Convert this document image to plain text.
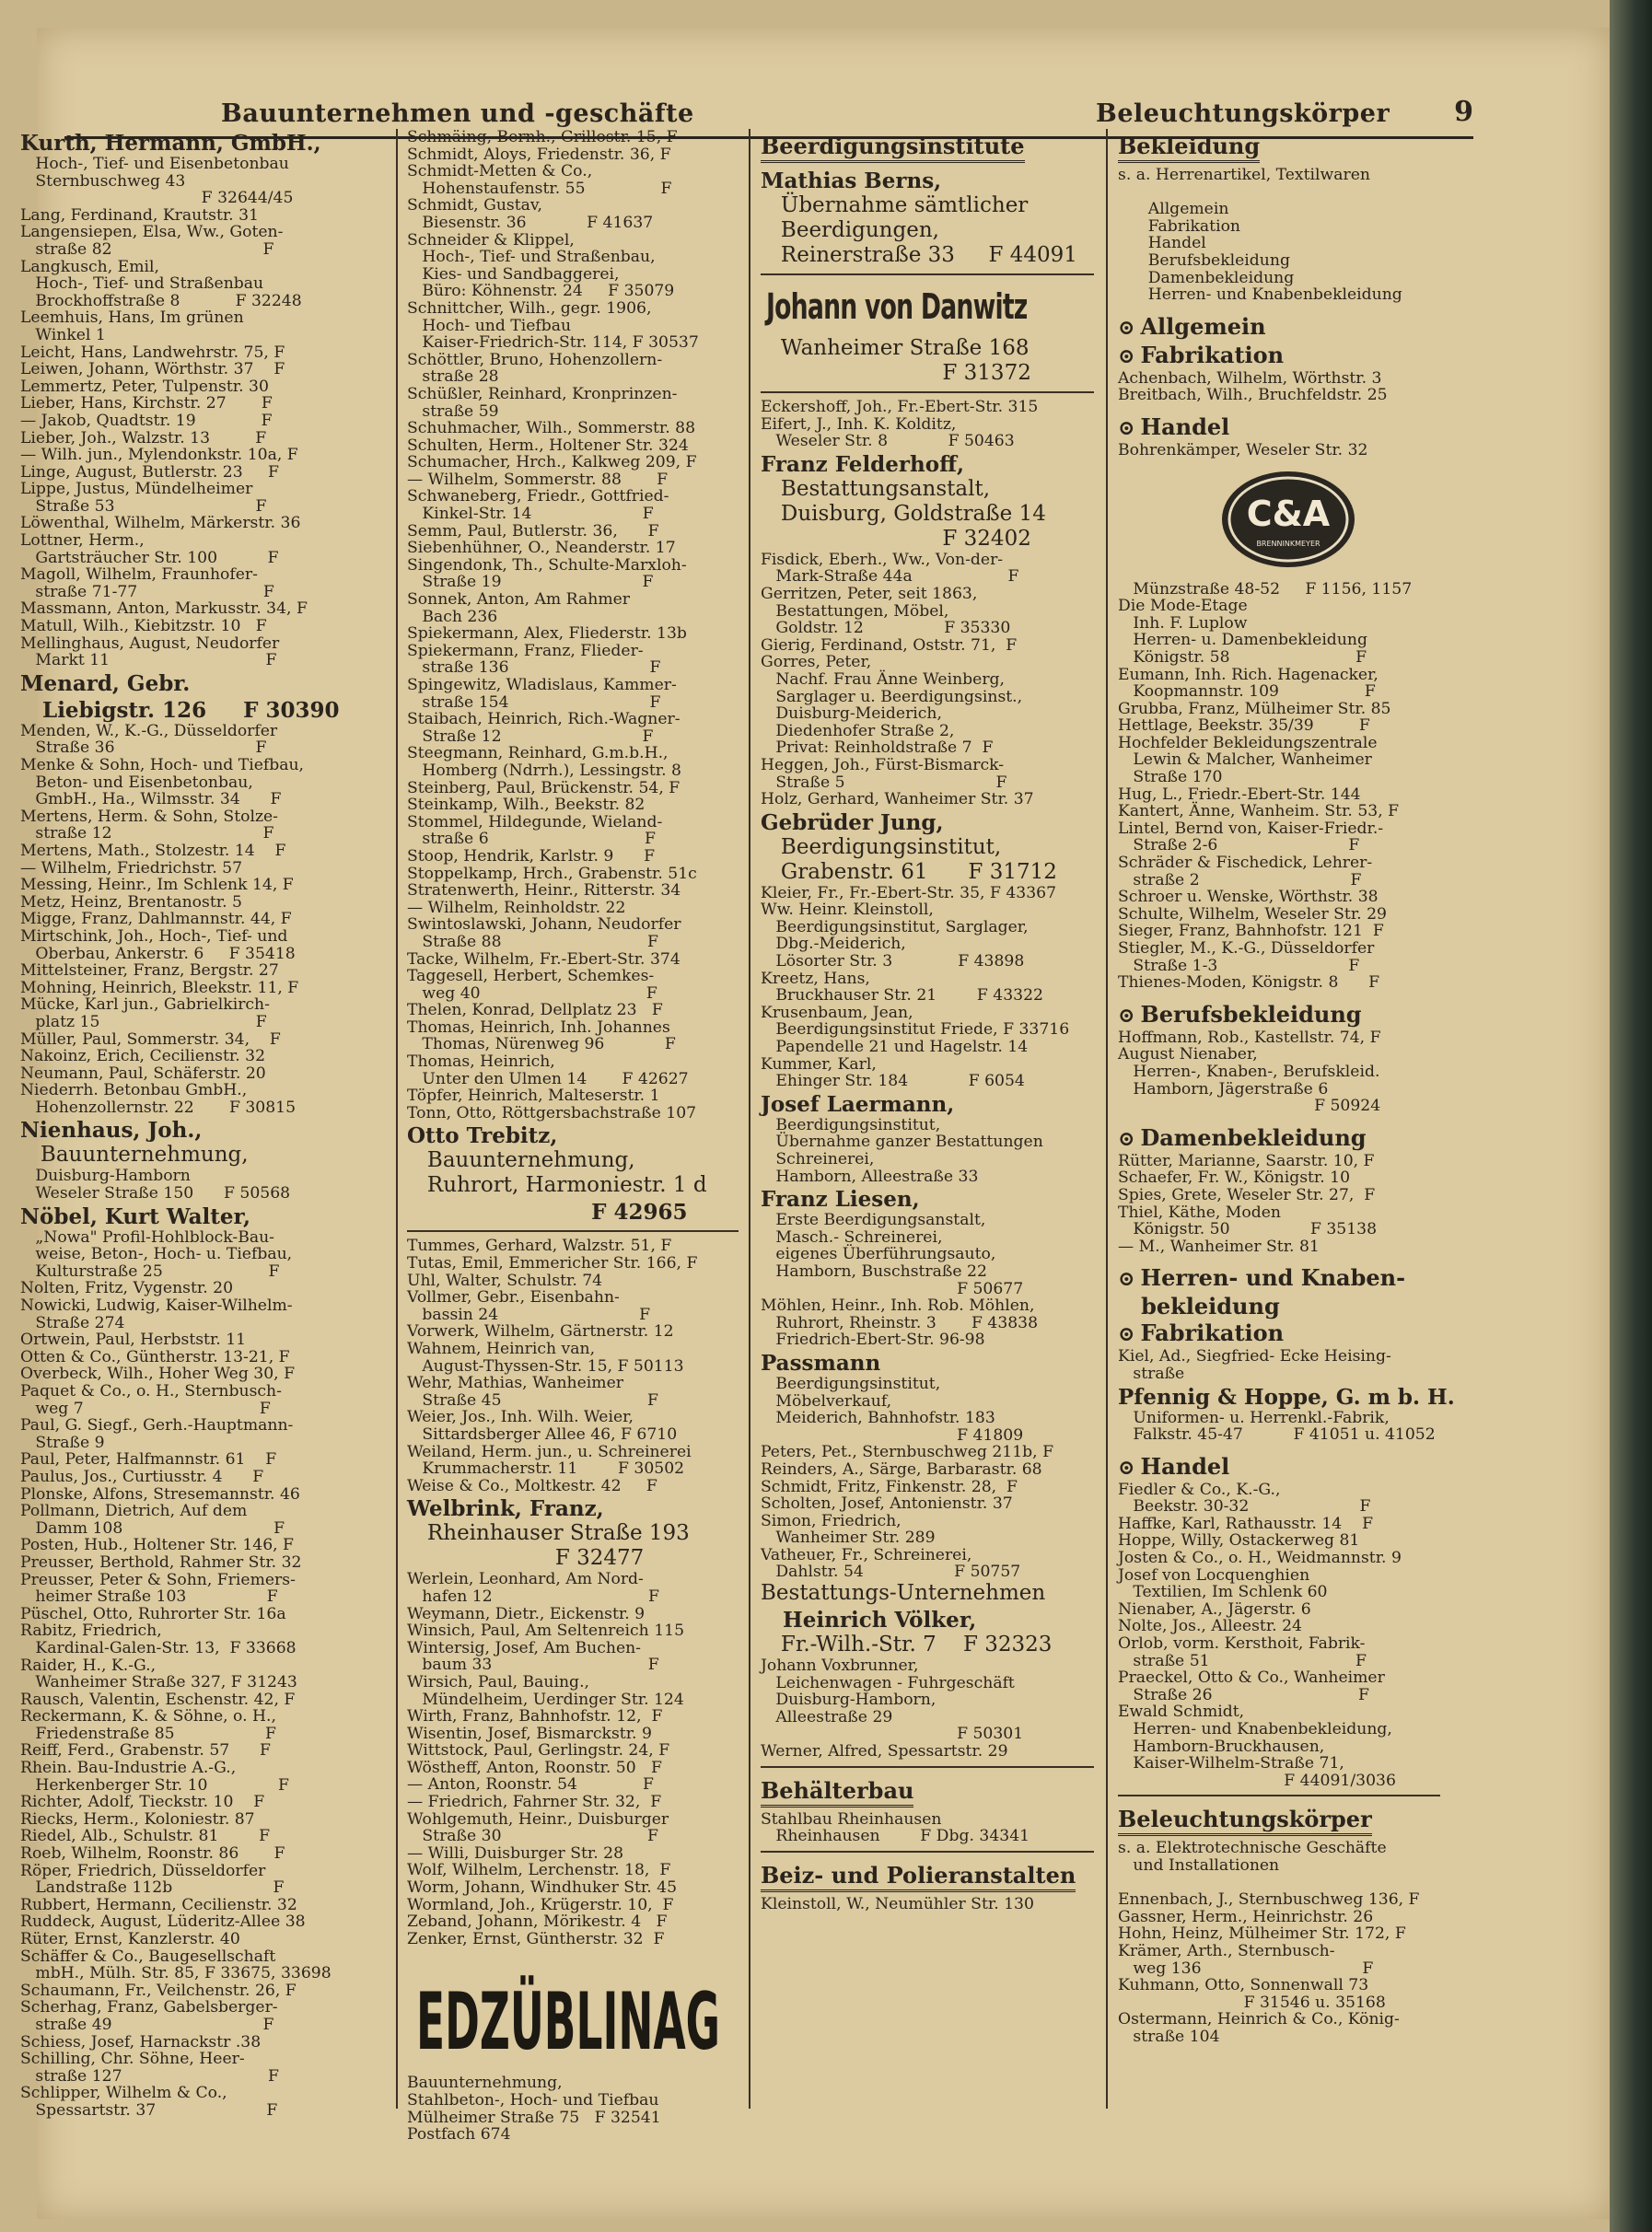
Bauunternehmen und -geschäfte	Beleuchtungskörper 9
Kurth, Hermann, GmbH.,
Hoch-, Tief- und Eisenbetonbau
Sternbuschweg 43
F 32644/45
Lang, Ferdinand, Krautstr. 31
Langensiepen, Elsa, Ww., Goten-
straße 82                              F
Langkusch, Emil,
Hoch-, Tief- und Straßenbau
Brockhoffstraße 8           F 32248
Leemhuis, Hans, Im grünen
Winkel 1
Leicht, Hans, Landwehrstr. 75, F
Leiwen, Johann, Wörthstr. 37    F
Lemmertz, Peter, Tulpenstr. 30
Lieber, Hans, Kirchstr. 27       F
— Jakob, Quadtstr. 19             F
Lieber, Joh., Walzstr. 13         F
— Wilh. jun., Mylendonkstr. 10a, F
Linge, August, Butlerstr. 23     F
Lippe, Justus, Mündelheimer
Straße 53                            F
Löwenthal, Wilhelm, Märkerstr. 36
Lottner, Herm.,
Gartsträucher Str. 100          F
Magoll, Wilhelm, Fraunhofer-
straße 71-77                         F
Massmann, Anton, Markusstr. 34, F
Matull, Wilh., Kiebitzstr. 10   F
Mellinghaus, August, Neudorfer
Markt 11                               F
Menard, Gebr.
Liebigstr. 126     F 30390
Menden, W., K.-G., Düsseldorfer
Straße 36                            F
Menke & Sohn, Hoch- und Tiefbau,
Beton- und Eisenbetonbau,
GmbH., Ha., Wilmsstr. 34      F
Mertens, Herm. & Sohn, Stolze-
straße 12                              F
Mertens, Math., Stolzestr. 14    F
— Wilhelm, Friedrichstr. 57
Messing, Heinr., Im Schlenk 14, F
Metz, Heinz, Brentanostr. 5
Migge, Franz, Dahlmannstr. 44, F
Mirtschink, Joh., Hoch-, Tief- und
Oberbau, Ankerstr. 6     F 35418
Mittelsteiner, Franz, Bergstr. 27
Mohning, Heinrich, Bleekstr. 11, F
Mücke, Karl jun., Gabrielkirch-
platz 15                               F
Müller, Paul, Sommerstr. 34,    F
Nakoinz, Erich, Cecilienstr. 32
Neumann, Paul, Schäferstr. 20
Niederrh. Betonbau GmbH.,
Hohenzollernstr. 22       F 30815
Nienhaus, Joh.,
Bauunternehmung,
Duisburg-Hamborn
Weseler Straße 150      F 50568
Nöbel, Kurt Walter,
„Nowa" Profil-Hohlblock-Bau-
weise, Beton-, Hoch- u. Tiefbau,
Kulturstraße 25                     F
Nolten, Fritz, Vygenstr. 20
Nowicki, Ludwig, Kaiser-Wilhelm-
Straße 274
Ortwein, Paul, Herbststr. 11
Otten & Co., Güntherstr. 13-21, F
Overbeck, Wilh., Hoher Weg 30, F
Paquet & Co., o. H., Sternbusch-
weg 7                                   F
Paul, G. Siegf., Gerh.-Hauptmann-
Straße 9
Paul, Peter, Halfmannstr. 61    F
Paulus, Jos., Curtiusstr. 4      F
Plonske, Alfons, Stresemannstr. 46
Pollmann, Dietrich, Auf dem
Damm 108                              F
Posten, Hub., Holtener Str. 146, F
Preusser, Berthold, Rahmer Str. 32
Preusser, Peter & Sohn, Friemers-
heimer Straße 103                F
Püschel, Otto, Ruhrorter Str. 16a
Rabitz, Friedrich,
Kardinal-Galen-Str. 13,  F 33668
Raider, H., K.-G.,
Wanheimer Straße 327, F 31243
Rausch, Valentin, Eschenstr. 42, F
Reckermann, K. & Söhne, o. H.,
Friedenstraße 85                  F
Reiff, Ferd., Grabenstr. 57      F
Rhein. Bau-Industrie A.-G.,
Herkenberger Str. 10              F
Richter, Adolf, Tieckstr. 10    F
Riecks, Herm., Koloniestr. 87
Riedel, Alb., Schulstr. 81        F
Roeb, Wilhelm, Roonstr. 86       F
Röper, Friedrich, Düsseldorfer
Landstraße 112b                    F
Rubbert, Hermann, Cecilienstr. 32
Ruddeck, August, Lüderitz-Allee 38
Rüter, Ernst, Kanzlerstr. 40
Schäffer & Co., Baugesellschaft
mbH., Mülh. Str. 85, F 33675, 33698
Schaumann, Fr., Veilchenstr. 26, F
Scherhag, Franz, Gabelsberger-
straße 49                              F
Schiess, Josef, Harnackstr .38
Schilling, Chr. Söhne, Heer-
straße 127                             F
Schlipper, Wilhelm & Co.,
Spessartstr. 37                      F
Schmäing, Bernh., Grillostr. 15, F
Schmidt, Aloys, Friedenstr. 36, F
Schmidt-Metten & Co.,
Hohenstaufenstr. 55               F
Schmidt, Gustav,
Biesenstr. 36            F 41637
Schneider & Klippel,
Hoch-, Tief- und Straßenbau,
Kies- und Sandbaggerei,
Büro: Köhnenstr. 24     F 35079
Schnittcher, Wilh., gegr. 1906,
Hoch- und Tiefbau
Kaiser-Friedrich-Str. 114, F 30537
Schöttler, Bruno, Hohenzollern-
straße 28
Schüßler, Reinhard, Kronprinzen-
straße 59
Schuhmacher, Wilh., Sommerstr. 88
Schulten, Herm., Holtener Str. 324
Schumacher, Hrch., Kalkweg 209, F
— Wilhelm, Sommerstr. 88       F
Schwaneberg, Friedr., Gottfried-
Kinkel-Str. 14                      F
Semm, Paul, Butlerstr. 36,      F
Siebenhühner, O., Neanderstr. 17
Singendonk, Th., Schulte-Marxloh-
Straße 19                            F
Sonnek, Anton, Am Rahmer
Bach 236
Spiekermann, Alex, Fliederstr. 13b
Spiekermann, Franz, Flieder-
straße 136                            F
Spingewitz, Wladislaus, Kammer-
straße 154                            F
Staibach, Heinrich, Rich.-Wagner-
Straße 12                            F
Steegmann, Reinhard, G.m.b.H.,
Homberg (Ndrrh.), Lessingstr. 8
Steinberg, Paul, Brückenstr. 54, F
Steinkamp, Wilh., Beekstr. 82
Stommel, Hildegunde, Wieland-
straße 6                               F
Stoop, Hendrik, Karlstr. 9      F
Stoppelkamp, Hrch., Grabenstr. 51c
Stratenwerth, Heinr., Ritterstr. 34
— Wilhelm, Reinholdstr. 22
Swintoslawski, Johann, Neudorfer
Straße 88                             F
Tacke, Wilhelm, Fr.-Ebert-Str. 374
Taggesell, Herbert, Schemkes-
weg 40                                 F
Thelen, Konrad, Dellplatz 23   F
Thomas, Heinrich, Inh. Johannes
Thomas, Nürenweg 96            F
Thomas, Heinrich,
Unter den Ulmen 14       F 42627
Töpfer, Heinrich, Malteserstr. 1
Tonn, Otto, Röttgersbachstraße 107
Otto Trebitz,
Bauunternehmung,
Ruhrort, Harmoniestr. 1 d
F 42965
Tummes, Gerhard, Walzstr. 51, F
Tutas, Emil, Emmericher Str. 166, F
Uhl, Walter, Schulstr. 74
Vollmer, Gebr., Eisenbahn-
bassin 24                            F
Vorwerk, Wilhelm, Gärtnerstr. 12
Wahnem, Heinrich van,
August-Thyssen-Str. 15, F 50113
Wehr, Mathias, Wanheimer
Straße 45                             F
Weier, Jos., Inh. Wilh. Weier,
Sittardsberger Allee 46, F 6710
Weiland, Herm. jun., u. Schreinerei
Krummacherstr. 11        F 30502
Weise & Co., Moltkestr. 42     F
Welbrink, Franz,
Rheinhauser Straße 193
F 32477
Werlein, Leonhard, Am Nord-
hafen 12                               F
Weymann, Dietr., Eickenstr. 9
Winsich, Paul, Am Seltenreich 115
Wintersig, Josef, Am Buchen-
baum 33                               F
Wirsich, Paul, Bauing.,
Mündelheim, Uerdinger Str. 124
Wirth, Franz, Bahnhofstr. 12,  F
Wisentin, Josef, Bismarckstr. 9
Wittstock, Paul, Gerlingstr. 24, F
Wöstheff, Anton, Roonstr. 50   F
— Anton, Roonstr. 54             F
— Friedrich, Fahrner Str. 32,  F
Wohlgemuth, Heinr., Duisburger
Straße 30                             F
— Willi, Duisburger Str. 28
Wolf, Wilhelm, Lerchenstr. 18,  F
Worm, Johann, Windhuker Str. 45
Wormland, Joh., Krügerstr. 10,  F
Zeband, Johann, Mörikestr. 4   F
Zenker, Ernst, Güntherstr. 32  F
EDZÜBLINAG
Bauunternehmung,
Stahlbeton-, Hoch- und Tiefbau
Mülheimer Straße 75   F 32541
Postfach 674
Beerdigungsinstitute
Mathias Berns,
Übernahme sämtlicher
Beerdigungen,
Reinerstraße 33     F 44091
Johann von Danwitz
Wanheimer Straße 168
F 31372
Eckershoff, Joh., Fr.-Ebert-Str. 315
Eifert, J., Inh. K. Kolditz,
Weseler Str. 8            F 50463
Franz Felderhoff,
Bestattungsanstalt,
Duisburg, Goldstraße 14
F 32402
Fisdick, Eberh., Ww., Von-der-
Mark-Straße 44a                   F
Gerritzen, Peter, seit 1863,
Bestattungen, Möbel,
Goldstr. 12                F 35330
Gierig, Ferdinand, Oststr. 71,  F
Gorres, Peter,
Nachf. Frau Änne Weinberg,
Sarglager u. Beerdigungsinst.,
Duisburg-Meiderich,
Diedenhofer Straße 2,
Privat: Reinholdstraße 7  F
Heggen, Joh., Fürst-Bismarck-
Straße 5                              F
Holz, Gerhard, Wanheimer Str. 37
Gebrüder Jung,
Beerdigungsinstitut,
Grabenstr. 61      F 31712
Kleier, Fr., Fr.-Ebert-Str. 35, F 43367
Ww. Heinr. Kleinstoll,
Beerdigungsinstitut, Sarglager,
Dbg.-Meiderich,
Lösorter Str. 3             F 43898
Kreetz, Hans,
Bruckhauser Str. 21        F 43322
Krusenbaum, Jean,
Beerdigungsinstitut Friede, F 33716
Papendelle 21 und Hagelstr. 14
Kummer, Karl,
Ehinger Str. 184            F 6054
Josef Laermann,
Beerdigungsinstitut,
Übernahme ganzer Bestattungen
Schreinerei,
Hamborn, Alleestraße 33
Franz Liesen,
Erste Beerdigungsanstalt,
Masch.- Schreinerei,
eigenes Überführungsauto,
Hamborn, Buschstraße 22
F 50677
Möhlen, Heinr., Inh. Rob. Möhlen,
Ruhrort, Rheinstr. 3       F 43838
Friedrich-Ebert-Str. 96-98
Passmann
Beerdigungsinstitut,
Möbelverkauf,
Meiderich, Bahnhofstr. 183
F 41809
Peters, Pet., Sternbuschweg 211b, F
Reinders, A., Särge, Barbarastr. 68
Schmidt, Fritz, Finkenstr. 28,  F
Scholten, Josef, Antonienstr. 37
Simon, Friedrich,
Wanheimer Str. 289
Vatheuer, Fr., Schreinerei,
Dahlstr. 54                  F 50757
Bestattungs-Unternehmen
Heinrich Völker,
Fr.-Wilh.-Str. 7    F 32323
Johann Voxbrunner,
Leichenwagen - Fuhrgeschäft
Duisburg-Hamborn,
Alleestraße 29
F 50301
Werner, Alfred, Spessartstr. 29
Behälterbau
Stahlbau Rheinhausen
Rheinhausen        F Dbg. 34341
Beiz- und Polieranstalten
Kleinstoll, W., Neumühler Str. 130
Bekleidung
s. a. Herrenartikel, Textilwaren

Allgemein
Fabrikation
Handel
Berufsbekleidung
Damenbekleidung
Herren- und Knabenbekleidung
⊙ Allgemein
⊙ Fabrikation
Achenbach, Wilhelm, Wörthstr. 3
Breitbach, Wilh., Bruchfeldstr. 25
⊙ Handel
Bohrenkämper, Weseler Str. 32
C&A
BRENNINKMEYER
Münzstraße 48-52     F 1156, 1157
Die Mode-Etage
Inh. F. Luplow
Herren- u. Damenbekleidung
Königstr. 58                         F
Eumann, Inh. Rich. Hagenacker,
Koopmannstr. 109                 F
Grubba, Franz, Mülheimer Str. 85
Hettlage, Beekstr. 35/39         F
Hochfelder Bekleidungszentrale
Lewin & Malcher, Wanheimer
Straße 170
Hug, L., Friedr.-Ebert-Str. 144
Kantert, Änne, Wanheim. Str. 53, F
Lintel, Bernd von, Kaiser-Friedr.-
Straße 2-6                          F
Schräder & Fischedick, Lehrer-
straße 2                              F
Schroer u. Wenske, Wörthstr. 38
Schulte, Wilhelm, Weseler Str. 29
Sieger, Franz, Bahnhofstr. 121  F
Stiegler, M., K.-G., Düsseldorfer
Straße 1-3                          F
Thienes-Moden, Königstr. 8      F
⊙ Berufsbekleidung
Hoffmann, Rob., Kastellstr. 74, F
August Nienaber,
Herren-, Knaben-, Berufskleid.
Hamborn, Jägerstraße 6
F 50924
⊙ Damenbekleidung
Rütter, Marianne, Saarstr. 10, F
Schaefer, Fr. W., Königstr. 10
Spies, Grete, Weseler Str. 27,  F
Thiel, Käthe, Moden
Königstr. 50                F 35138
— M., Wanheimer Str. 81
⊙ Herren- und Knaben-
bekleidung
⊙ Fabrikation
Kiel, Ad., Siegfried- Ecke Heising-
straße
Pfennig & Hoppe, G. m b. H.
Uniformen- u. Herrenkl.-Fabrik,
Falkstr. 45-47          F 41051 u. 41052
⊙ Handel
Fiedler & Co., K.-G.,
Beekstr. 30-32                      F
Haffke, Karl, Rathausstr. 14    F
Hoppe, Willy, Ostackerweg 81
Josten & Co., o. H., Weidmannstr. 9
Josef von Locquenghien
Textilien, Im Schlenk 60
Nienaber, A., Jägerstr. 6
Nolte, Jos., Alleestr. 24
Orlob, vorm. Kersthoit, Fabrik-
straße 51                             F
Praeckel, Otto & Co., Wanheimer
Straße 26                             F
Ewald Schmidt,
Herren- und Knabenbekleidung,
Hamborn-Bruckhausen,
Kaiser-Wilhelm-Straße 71,
F 44091/3036
Beleuchtungskörper
s. a. Elektrotechnische Geschäfte
und Installationen

Ennenbach, J., Sternbuschweg 136, F
Gassner, Herm., Heinrichstr. 26
Hohn, Heinz, Mülheimer Str. 172, F
Krämer, Arth., Sternbusch-
weg 136                                F
Kuhmann, Otto, Sonnenwall 73
F 31546 u. 35168
Ostermann, Heinrich & Co., König-
straße 104
